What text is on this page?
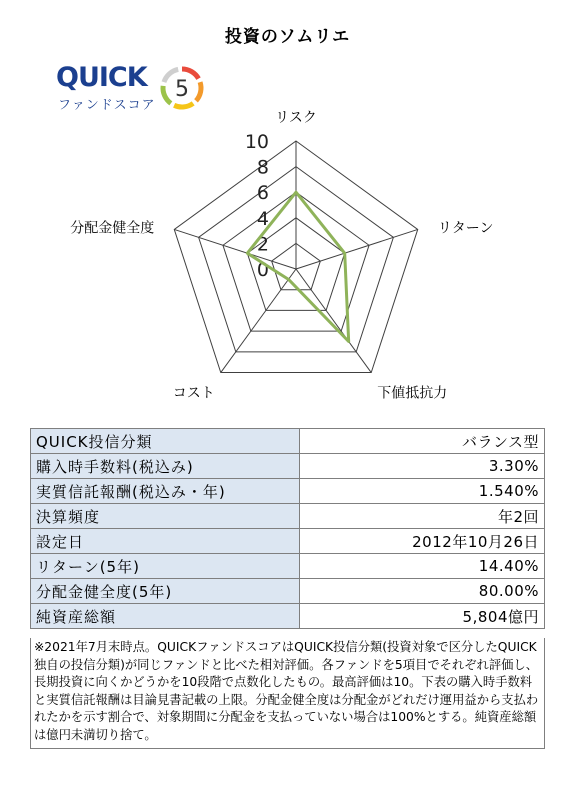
投資のソムリエ
QUICK
ファンドスコア
5
0
2
4
6
8
10
リスク
リターン
下値抵抗力
コスト
分配金健全度
QUICK投信分類	バランス型
購入時手数料(税込み)	3.30%
実質信託報酬(税込み・年)	1.540%
決算頻度	年2回
設定日	2012年10月26日
リターン(5年)	14.40%
分配金健全度(5年)	80.00%
純資産総額	5,804億円
※2021年7月末時点。QUICKファンドスコアはQUICK投信分類(投資対象で区分したQUICK独自の投信分類)が同じファンドと比べた相対評価。各ファンドを5項目でそれぞれ評価し、長期投資に向くかどうかを10段階で点数化したもの。最高評価は10。下表の購入時手数料と実質信託報酬は目論見書記載の上限。分配金健全度は分配金がどれだけ運用益から支払われたかを示す割合で、対象期間に分配金を支払っていない場合は100%とする。純資産総額は億円未満切り捨て。
